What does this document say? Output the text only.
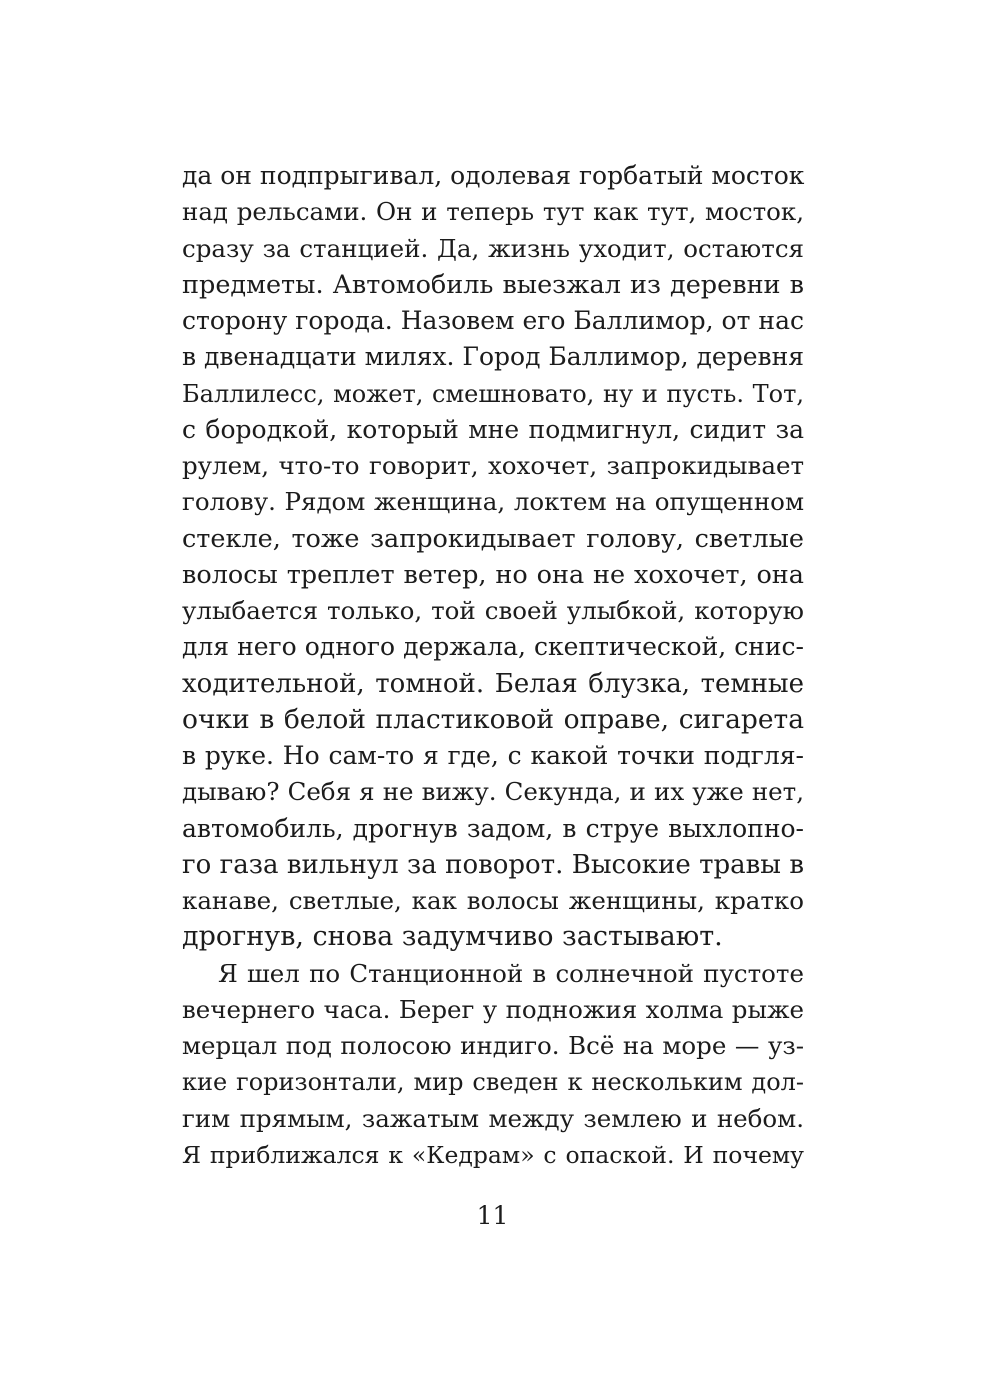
да он подпрыгивал, одолевая горбатый мосток
над рельсами. Он и теперь тут как тут, мосток,
сразу за станцией. Да, жизнь уходит, остаются
предметы. Автомобиль выезжал из деревни в
сторону города. Назовем его Баллимор, от нас
в двенадцати милях. Город Баллимор, деревня
Баллилесс, может, смешновато, ну и пусть. Тот,
с бородкой, который мне подмигнул, сидит за
рулем, что-то говорит, хохочет, запрокидывает
голову. Рядом женщина, локтем на опущенном
стекле, тоже запрокидывает голову, светлые
волосы треплет ветер, но она не хохочет, она
улыбается только, той своей улыбкой, которую
для него одного держала, скептической, снис-
ходительной, томной. Белая блузка, темные
очки в белой пластиковой оправе, сигарета
в руке. Но сам-то я где, с какой точки подгля-
дываю? Себя я не вижу. Секунда, и их уже нет,
автомобиль, дрогнув задом, в струе выхлопно-
го газа вильнул за поворот. Высокие травы в
канаве, светлые, как волосы женщины, кратко
дрогнув, снова задумчиво застывают.

Я шел по Станционной в солнечной пустоте
вечернего часа. Берег у подножия холма рыже
мерцал под полосою индиго. Всё на море — уз-
кие горизонтали, мир сведен к нескольким дол-
гим прямым, зажатым между землею и небом.
Я приближался к «Кедрам» с опаской. И почему

11
